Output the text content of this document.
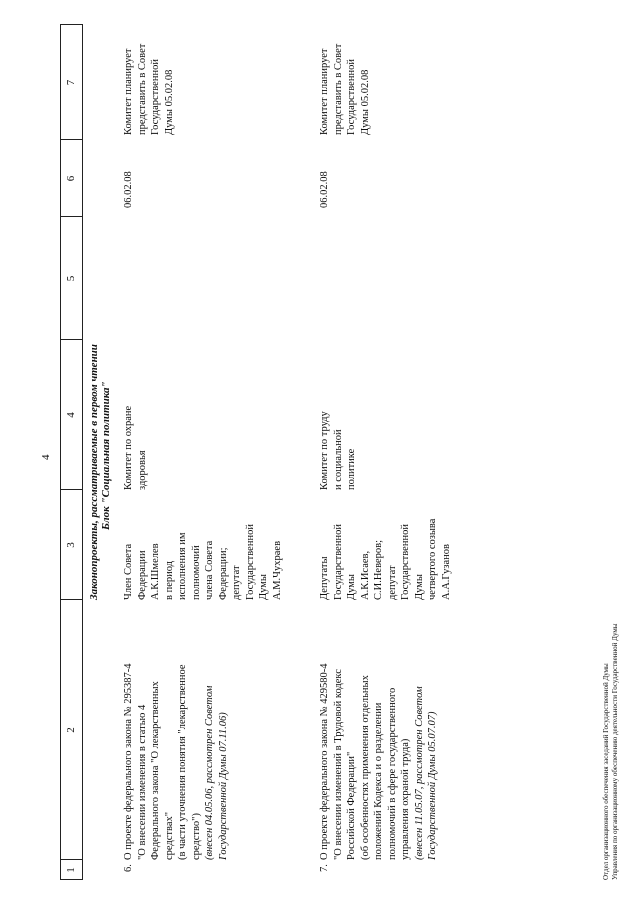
4
1
2
3
4
5
6
7
Законопроекты, рассматриваемые в первом чтении Блок "Социальная политика"
6.
О проекте федерального закона № 295387-4 "О внесении изменения в статью 4 Федерального закона "О лекарственных средствах" (в части уточнения понятия "лекарственное средство") (внесен 04.05.06, рассмотрен Советом Государственной Думы 07.11.06)
Член Совета Федерации А.К.Шмелев в период исполнения им полномочий члена Совета Федерации; депутат Государственной Думы А.М.Чухраев
Комитет по охране здоровья
06.02.08
Комитет планирует представить в Совет Государственной Думы 05.02.08
7.
О проекте федерального закона № 429580-4 "О внесении изменений в Трудовой кодекс Российской Федерации" (об особенностях применения отдельных положений Кодекса и о разделении полномочий в сфере государственного управления охраной труда) (внесен 11.05.07, рассмотрен Советом Государственной Думы 05.07.07)
Депутаты Государственной Думы А.К.Исаев, С.И.Неверов; депутат Государственной Думы четвертого созыва А.А.Гузанов
Комитет по труду и социальной политике
06.02.08
Комитет планирует представить в Совет Государственной Думы 05.02.08
Отдел организационного обеспечения заседаний Государственной Думы Управления по организационному обеспечению деятельности Государственной Думы
